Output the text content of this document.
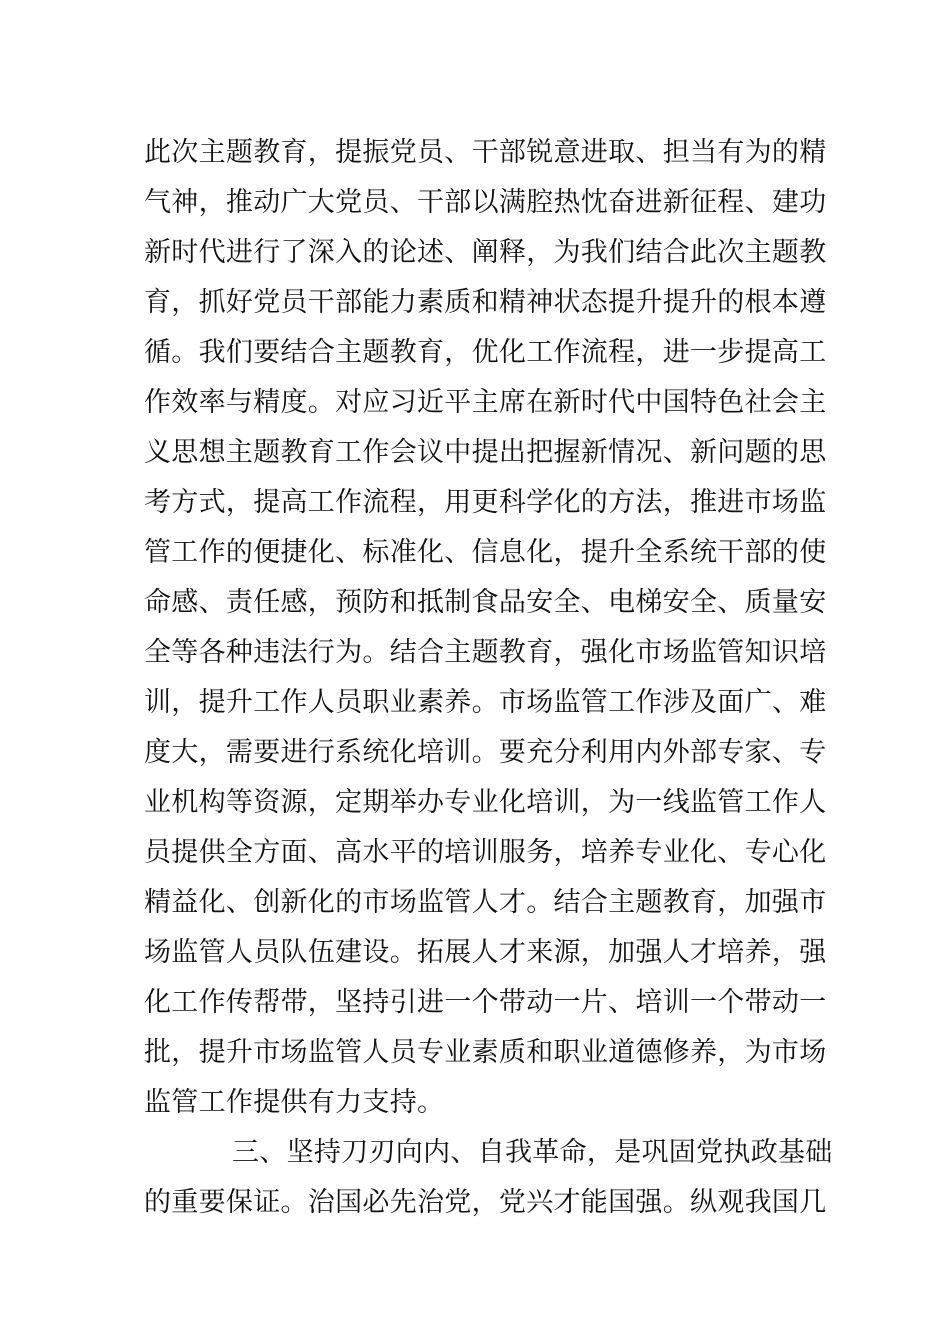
此次主题教育，提振党员、干部锐意进取、担当有为的精
气神，推动广大党员、干部以满腔热忱奋进新征程、建功
新时代进行了深入的论述、阐释，为我们结合此次主题教
育，抓好党员干部能力素质和精神状态提升提升的根本遵
循。我们要结合主题教育，优化工作流程，进一步提高工
作效率与精度。对应习近平主席在新时代中国特色社会主
义思想主题教育工作会议中提出把握新情况、新问题的思
考方式，提高工作流程，用更科学化的方法，推进市场监
管工作的便捷化、标准化、信息化，提升全系统干部的使
命感、责任感，预防和抵制食品安全、电梯安全、质量安
全等各种违法行为。结合主题教育，强化市场监管知识培
训，提升工作人员职业素养。市场监管工作涉及面广、难
度大，需要进行系统化培训。要充分利用内外部专家、专
业机构等资源，定期举办专业化培训，为一线监管工作人
员提供全方面、高水平的培训服务，培养专业化、专心化
精益化、创新化的市场监管人才。结合主题教育，加强市
场监管人员队伍建设。拓展人才来源，加强人才培养，强
化工作传帮带，坚持引进一个带动一片、培训一个带动一
批，提升市场监管人员专业素质和职业道德修养，为市场
监管工作提供有力支持。
三、坚持刀刃向内、自我革命，是巩固党执政基础
的重要保证。治国必先治党，党兴才能国强。纵观我国几
